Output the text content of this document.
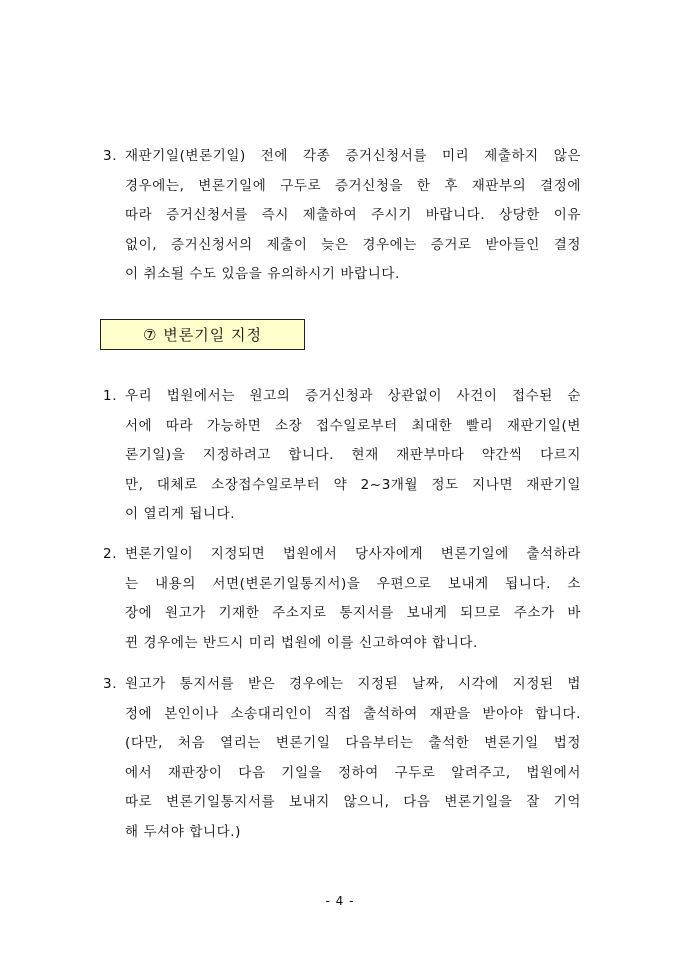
3. 재판기일(변론기일) 전에 각종 증거신청서를 미리 제출하지 않은
경우에는, 변론기일에 구두로 증거신청을 한 후 재판부의 결정에
따라 증거신청서를 즉시 제출하여 주시기 바랍니다. 상당한 이유
없이, 증거신청서의 제출이 늦은 경우에는 증거로 받아들인 결정
이 취소될 수도 있음을 유의하시기 바랍니다.
⑦ 변론기일 지정
1. 우리 법원에서는 원고의 증거신청과 상관없이 사건이 접수된 순
서에 따라 가능하면 소장 접수일로부터 최대한 빨리 재판기일(변
론기일)을 지정하려고 합니다. 현재 재판부마다 약간씩 다르지
만, 대체로 소장접수일로부터 약 2~3개월 정도 지나면 재판기일
이 열리게 됩니다.
2. 변론기일이 지정되면 법원에서 당사자에게 변론기일에 출석하라
는 내용의 서면(변론기일통지서)을 우편으로 보내게 됩니다. 소
장에 원고가 기재한 주소지로 통지서를 보내게 되므로 주소가 바
뀐 경우에는 반드시 미리 법원에 이를 신고하여야 합니다.
3. 원고가 통지서를 받은 경우에는 지정된 날짜, 시각에 지정된 법
정에 본인이나 소송대리인이 직접 출석하여 재판을 받아야 합니다.
(다만, 처음 열리는 변론기일 다음부터는 출석한 변론기일 법정
에서 재판장이 다음 기일을 정하여 구두로 알려주고, 법원에서
따로 변론기일통지서를 보내지 않으니, 다음 변론기일을 잘 기억
해 두셔야 합니다.)
- 4 -
